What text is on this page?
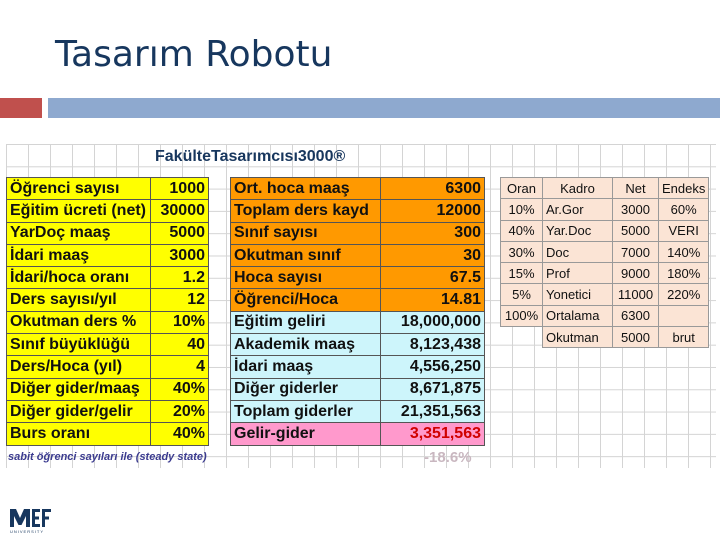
Tasarım Robotu
FakülteTasarımcısı3000®
Öğrenci sayısı	1000
Eğitim ücreti (net)	30000
YarDoç maaş	5000
İdari maaş	3000
İdari/hoca oranı	1.2
Ders sayısı/yıl	12
Okutman ders %	10%
Sınıf büyüklüğü	40
Ders/Hoca (yıl)	4
Diğer gider/maaş	40%
Diğer gider/gelir	20%
Burs oranı	40%
Ort. hoca maaş	6300
Toplam ders kayd	12000
Sınıf sayısı	300
Okutman sınıf	30
Hoca sayısı	67.5
Öğrenci/Hoca	14.81
Eğitim geliri	18,000,000
Akademik maaş	8,123,438
İdari maaş	4,556,250
Diğer giderler	8,671,875
Toplam giderler	21,351,563
Gelir-gider	3,351,563
Oran	Kadro	Net	Endeks
10%	Ar.Gor	3000	60%
40%	Yar.Doc	5000	VERI
30%	Doc	7000	140%
15%	Prof	9000	180%
5%	Yonetici	11000	220%
100%	Ortalama	6300	
	Okutman	5000	brut
sabit öğrenci sayıları ile (steady state)	-18.6%
UNIVERSITY
